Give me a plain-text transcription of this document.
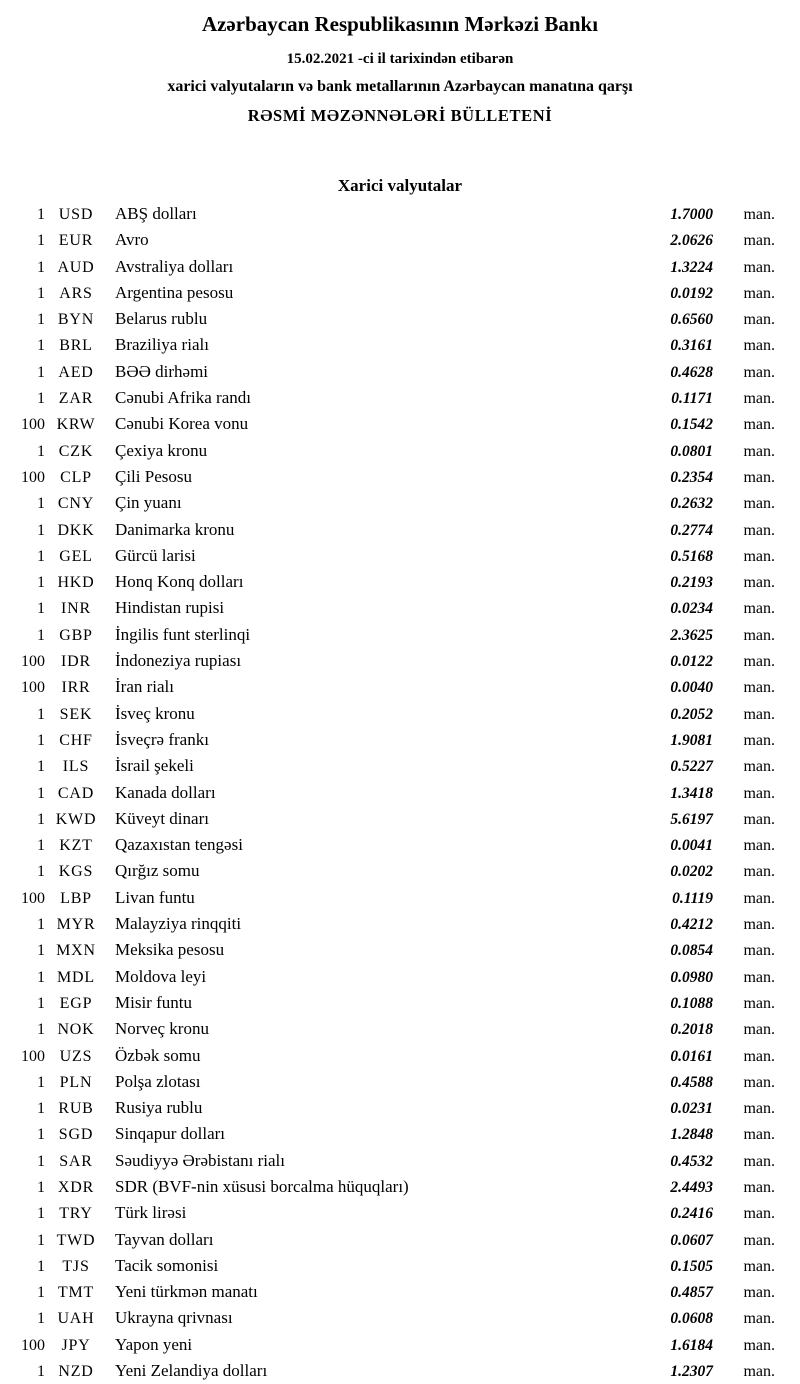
Azərbaycan Respublikasının Mərkəzi Bankı
15.02.2021 -ci il tarixindən etibarən
xarici valyutaların və bank metallarının Azərbaycan manatına qarşı
RƏSMİ MƏZƏNNƏLƏRİ BÜLLETENİ
Xarici valyutalar
1 USD	ABŞ dolları	1.7000	man.
1 EUR	Avro	2.0626	man.
1 AUD	Avstraliya dolları	1.3224	man.
1 ARS	Argentina pesosu	0.0192	man.
1 BYN	Belarus rublu	0.6560	man.
1 BRL	Braziliya rialı	0.3161	man.
1 AED	BƏƏ dirhəmi	0.4628	man.
1 ZAR	Cənubi Afrika randı	0.1171	man.
100 KRW	Cənubi Korea vonu	0.1542	man.
1 CZK	Çexiya kronu	0.0801	man.
100 CLP	Çili Pesosu	0.2354	man.
1 CNY	Çin yuanı	0.2632	man.
1 DKK	Danimarka kronu	0.2774	man.
1 GEL	Gürcü larisi	0.5168	man.
1 HKD	Honq Konq dolları	0.2193	man.
1	INR	Hindistan rupisi	0.0234	man.
1 GBP	İngilis funt sterlinqi	2.3625	man.
100	IDR	İndoneziya rupiası	0.0122	man.
100	IRR	İran rialı	0.0040	man.
1 SEK	İsveç kronu	0.2052	man.
1 CHF	İsveçrə frankı	1.9081	man.
1	ILS	İsrail şekeli	0.5227	man.
1 CAD	Kanada dolları	1.3418	man.
1 KWD	Küveyt dinarı	5.6197	man.
1 KZT	Qazaxıstan tengəsi	0.0041	man.
1 KGS	Qırğız somu	0.0202	man.
100 LBP	Livan funtu	0.1119	man.
1 MYR	Malayziya rinqqiti	0.4212	man.
1 MXN	Meksika pesosu	0.0854	man.
1 MDL	Moldova leyi	0.0980	man.
1 EGP	Misir funtu	0.1088	man.
1 NOK	Norveç kronu	0.2018	man.
100 UZS	Özbək somu	0.0161	man.
1 PLN	Polşa zlotası	0.4588	man.
1 RUB	Rusiya rublu	0.0231	man.
1 SGD	Sinqapur dolları	1.2848	man.
1 SAR	Səudiyyə Ərəbistanı rialı	0.4532	man.
1 XDR	SDR (BVF-nin xüsusi borcalma hüquqları)	2.4493	man.
1 TRY	Türk lirəsi	0.2416	man.
1 TWD	Tayvan dolları	0.0607	man.
1	TJS	Tacik somonisi	0.1505	man.
1 TMT	Yeni türkmən manatı	0.4857	man.
1 UAH	Ukrayna qrivnası	0.0608	man.
100	JPY	Yapon yeni	1.6184	man.
1 NZD	Yeni Zelandiya dolları	1.2307	man.
